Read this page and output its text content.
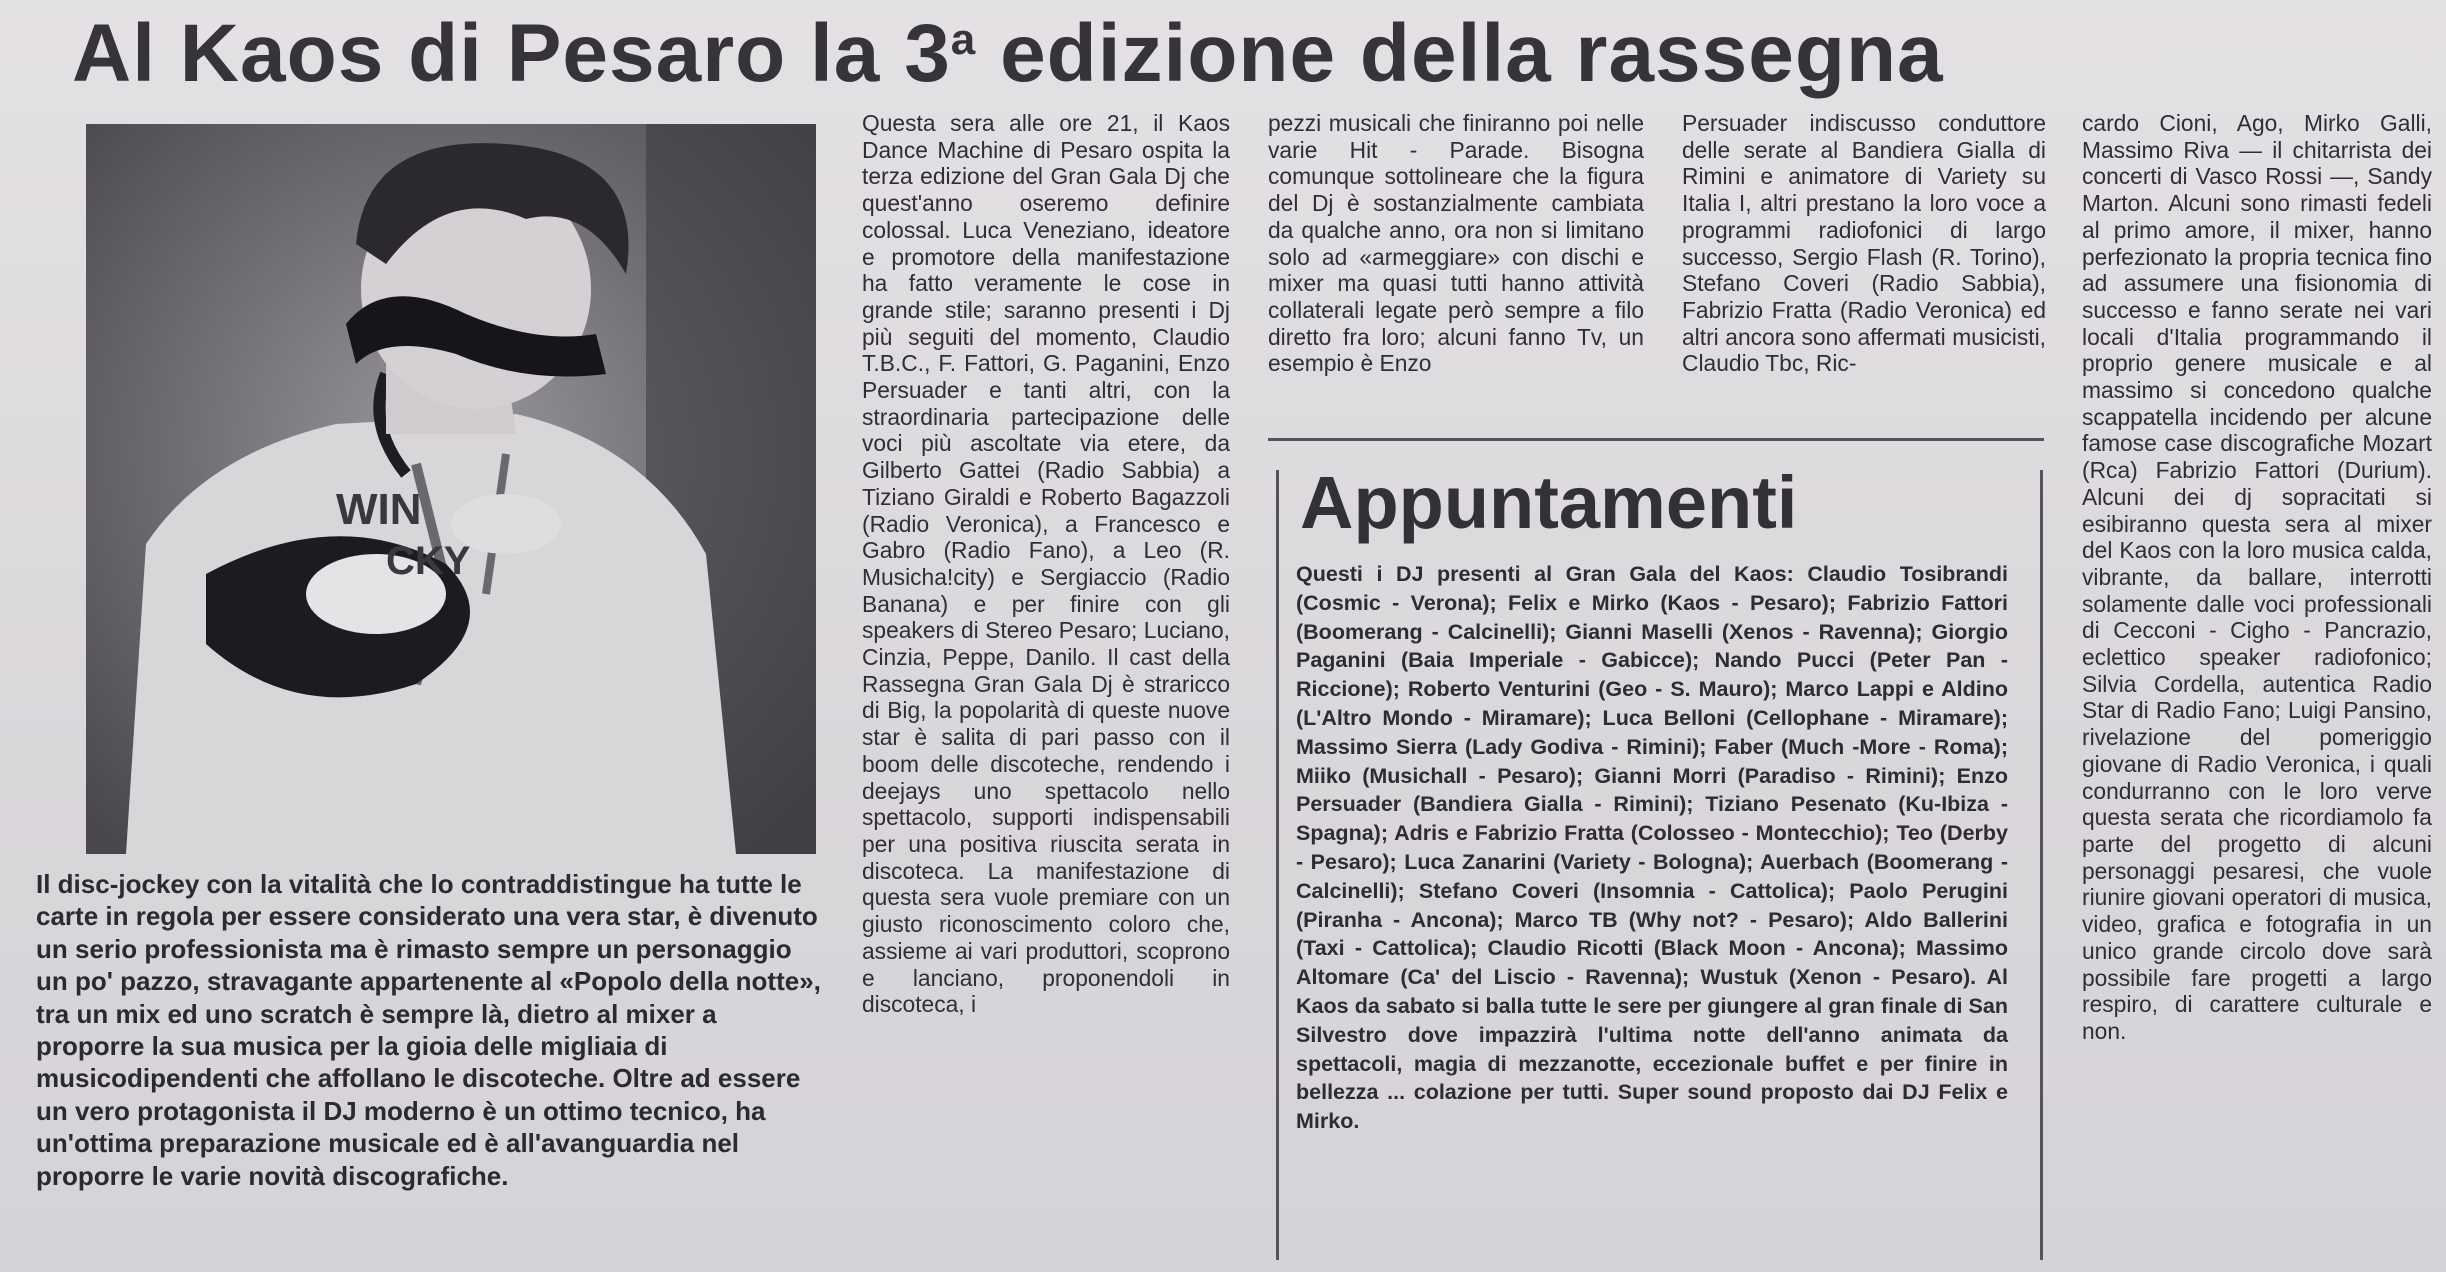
Al Kaos di Pesaro la 3$^a$ edizione della rassegna
WIN
CKY

Il disc-jockey con la vitalità che lo contraddistingue ha tutte le carte in regola per essere considerato una vera star, è divenuto un serio professionista ma è rimasto sempre un personaggio un po' pazzo, stravagante appartenente al «Popolo della notte», tra un mix ed uno scratch è sempre là, dietro al mixer a proporre la sua musica per la gioia delle migliaia di musicodipendenti che affollano le discoteche. Oltre ad essere un vero protagonista il DJ moderno è un ottimo tecnico, ha un'ottima preparazione musicale ed è all'avanguardia nel proporre le varie novità discografiche.

Questa sera alle ore 21, il Kaos Dance Machine di Pesaro ospita la terza edizione del Gran Gala Dj che quest'anno oseremo definire colossal. Luca Veneziano, ideatore e promotore della manifestazione ha fatto veramente le cose in grande stile; saranno presenti i Dj più seguiti del momento, Claudio T.B.C., F. Fattori, G. Paganini, Enzo Persuader e tanti altri, con la straordinaria partecipazione delle voci più ascoltate via etere, da Gilberto Gattei (Radio Sabbia) a Tiziano Giraldi e Roberto Bagazzoli (Radio Veronica), a Francesco e Gabro (Radio Fano), a Leo (R. Musicha!city) e Sergiaccio (Radio Banana) e per finire con gli speakers di Stereo Pesaro; Luciano, Cinzia, Peppe, Danilo. Il cast della Rassegna Gran Gala Dj è straricco di Big, la popolarità di queste nuove star è salita di pari passo con il boom delle discoteche, rendendo i deejays uno spettacolo nello spettacolo, supporti indispensabili per una positiva riuscita serata in discoteca. La manifestazione di questa sera vuole premiare con un giusto riconoscimento coloro che, assieme ai vari produttori, scoprono e lanciano, proponendoli in discoteca, i

pezzi musicali che finiranno poi nelle varie Hit - Parade. Bisogna comunque sottolineare che la figura del Dj è sostanzialmente cambiata da qualche anno, ora non si limitano solo ad «armeggiare» con dischi e mixer ma quasi tutti hanno attività collaterali legate però sempre a filo diretto fra loro; alcuni fanno Tv, un esempio è Enzo

Persuader indiscusso conduttore delle serate al Bandiera Gialla di Rimini e animatore di Variety su Italia I, altri prestano la loro voce a programmi radiofonici di largo successo, Sergio Flash (R. Torino), Stefano Coveri (Radio Sabbia), Fabrizio Fratta (Radio Veronica) ed altri ancora sono affermati musicisti, Claudio Tbc, Ric-

cardo Cioni, Ago, Mirko Galli, Massimo Riva — il chitarrista dei concerti di Vasco Rossi —, Sandy Marton. Alcuni sono rimasti fedeli al primo amore, il mixer, hanno perfezionato la propria tecnica fino ad assumere una fisionomia di successo e fanno serate nei vari locali d'Italia programmando il proprio genere musicale e al massimo si concedono qualche scappatella incidendo per alcune famose case discografiche Mozart (Rca) Fabrizio Fattori (Durium). Alcuni dei dj sopracitati si esibiranno questa sera al mixer del Kaos con la loro musica calda, vibrante, da ballare, interrotti solamente dalle voci professionali di Cecconi - Cigho - Pancrazio, eclettico speaker radiofonico; Silvia Cordella, autentica Radio Star di Radio Fano; Luigi Pansino, rivelazione del pomeriggio giovane di Radio Veronica, i quali condurranno con le loro verve questa serata che ricordiamolo fa parte del progetto di alcuni personaggi pesaresi, che vuole riunire giovani operatori di musica, video, grafica e fotografia in un unico grande circolo dove sarà possibile fare progetti a largo respiro, di carattere culturale e non.

Appuntamenti

Questi i DJ presenti al Gran Gala del Kaos: Claudio Tosibrandi (Cosmic - Verona); Felix e Mirko (Kaos - Pesaro); Fabrizio Fattori (Boomerang - Calcinelli); Gianni Maselli (Xenos - Ravenna); Giorgio Paganini (Baia Imperiale - Gabicce); Nando Pucci (Peter Pan - Riccione); Roberto Venturini (Geo - S. Mauro); Marco Lappi e Aldino (L'Altro Mondo - Miramare); Luca Belloni (Cellophane - Miramare); Massimo Sierra (Lady Godiva - Rimini); Faber (Much -More - Roma); Miiko (Musichall - Pesaro); Gianni Morri (Paradiso - Rimini); Enzo Persuader (Bandiera Gialla - Rimini); Tiziano Pesenato (Ku-Ibiza - Spagna); Adris e Fabrizio Fratta (Colosseo - Montecchio); Teo (Derby - Pesaro); Luca Zanarini (Variety - Bologna); Auerbach (Boomerang - Calcinelli); Stefano Coveri (Insomnia - Cattolica); Paolo Perugini (Piranha - Ancona); Marco TB (Why not? - Pesaro); Aldo Ballerini (Taxi - Cattolica); Claudio Ricotti (Black Moon - Ancona); Massimo Altomare (Ca' del Liscio - Ravenna); Wustuk (Xenon - Pesaro). Al Kaos da sabato si balla tutte le sere per giungere al gran finale di San Silvestro dove impazzirà l'ultima notte dell'anno animata da spettacoli, magia di mezzanotte, eccezionale buffet e per finire in bellezza ... colazione per tutti. Super sound proposto dai DJ Felix e Mirko.
